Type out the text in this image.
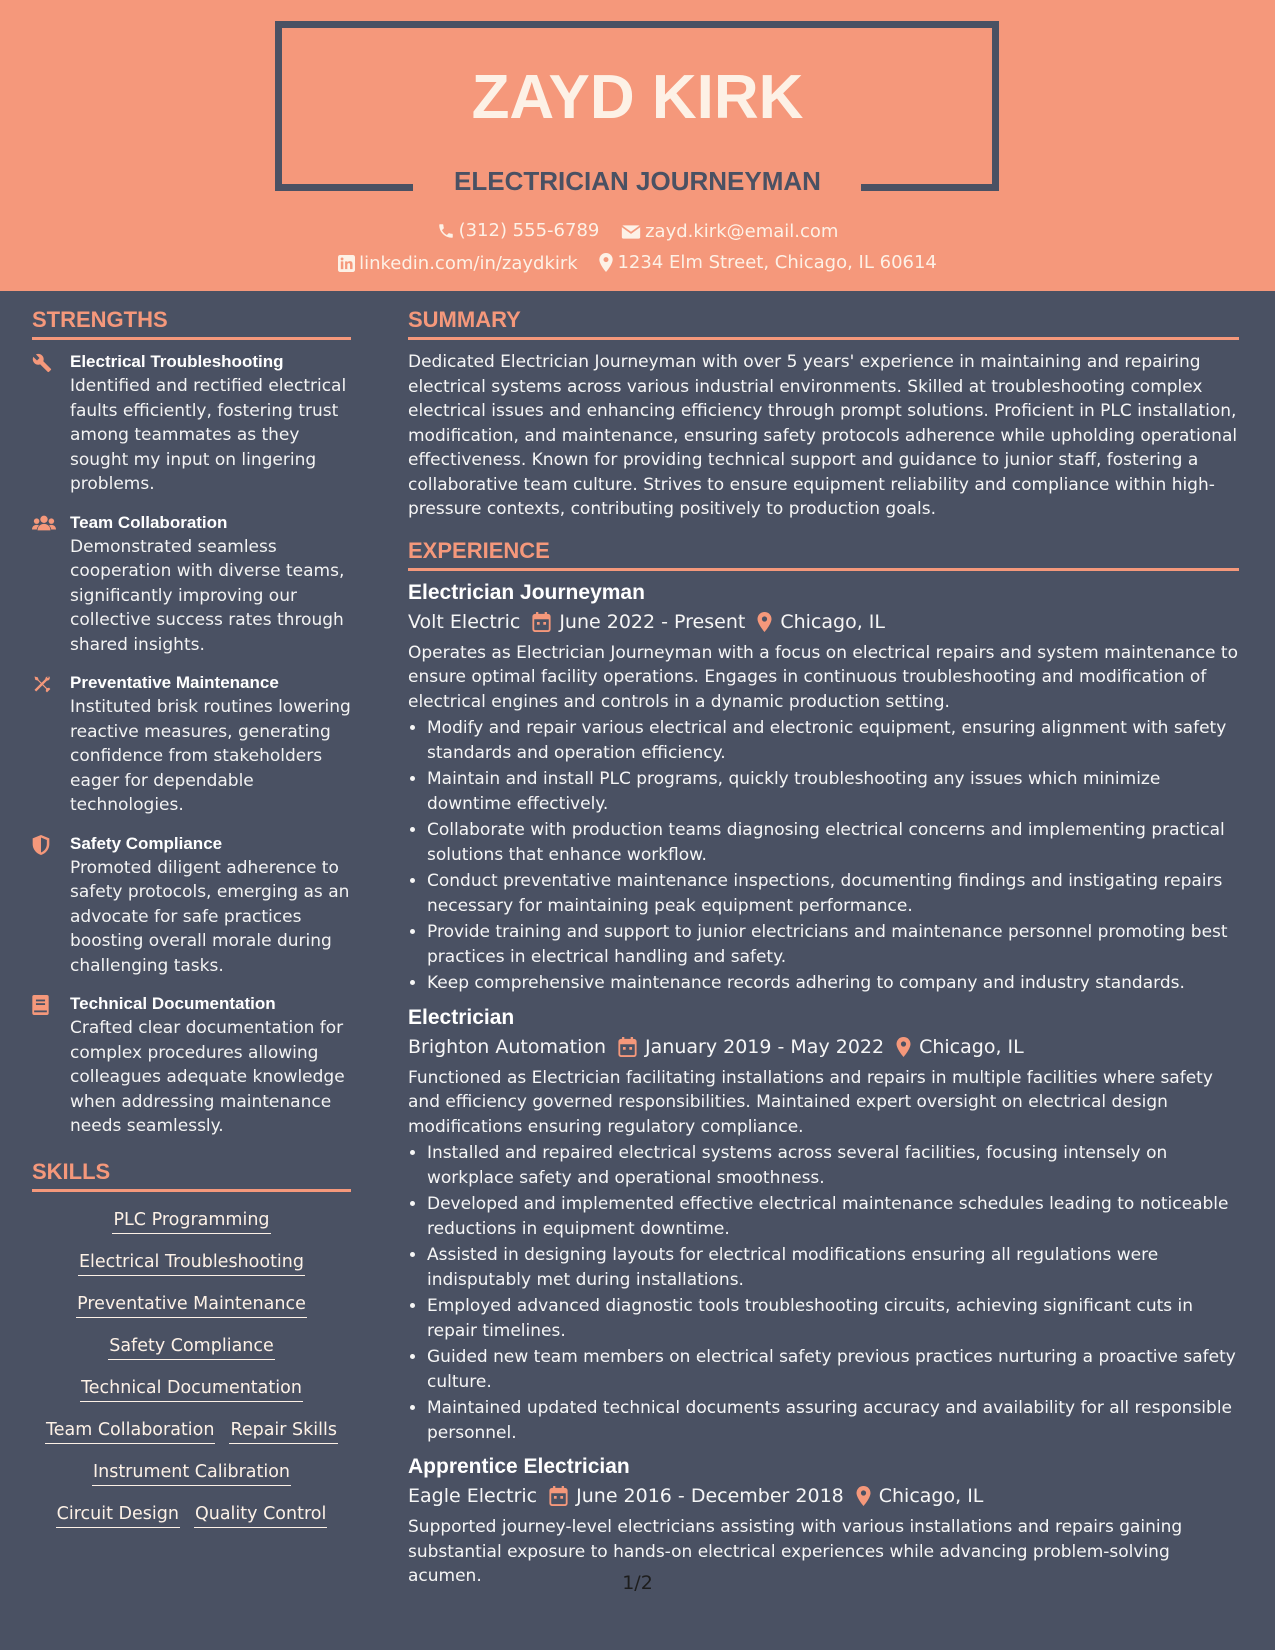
ZAYD KIRK
ELECTRICIAN JOURNEYMAN
(312) 555-6789
	zayd.kirk@email.com
linkedin.com/in/zaydkirk
1234 Elm Street, Chicago, IL 60614
STRENGTHS
Electrical Troubleshooting
Identified and rectified electrical faults efficiently, fostering trust among teammates as they sought my input on lingering problems.
Team Collaboration
Demonstrated seamless cooperation with diverse teams, significantly improving our collective success rates through shared insights.
Preventative Maintenance
Instituted brisk routines lowering reactive measures, generating confidence from stakeholders eager for dependable technologies.
Safety Compliance
Promoted diligent adherence to safety protocols, emerging as an advocate for safe practices boosting overall morale during challenging tasks.
Technical Documentation
Crafted clear documentation for complex procedures allowing colleagues adequate knowledge when addressing maintenance needs seamlessly.
SKILLS
PLC Programming
Electrical Troubleshooting
Preventative Maintenance
Safety Compliance
Technical Documentation
Team Collaboration Repair Skills
Instrument Calibration
Circuit Design Quality Control
SUMMARY
Dedicated Electrician Journeyman with over 5 years' experience in maintaining and repairing electrical systems across various industrial environments. Skilled at troubleshooting complex electrical issues and enhancing efficiency through prompt solutions. Proficient in PLC installation, modification, and maintenance, ensuring safety protocols adherence while upholding operational effectiveness. Known for providing technical support and guidance to junior staff, fostering a collaborative team culture. Strives to ensure equipment reliability and compliance within high-pressure contexts, contributing positively to production goals.
EXPERIENCE
Electrician Journeyman
Volt Electric June 2022 - Present Chicago, IL
Operates as Electrician Journeyman with a focus on electrical repairs and system maintenance to ensure optimal facility operations. Engages in continuous troubleshooting and modification of electrical engines and controls in a dynamic production setting.
• Modify and repair various electrical and electronic equipment, ensuring alignment with safety standards and operation efficiency.
• Maintain and install PLC programs, quickly troubleshooting any issues which minimize downtime effectively.
• Collaborate with production teams diagnosing electrical concerns and implementing practical solutions that enhance workflow.
• Conduct preventative maintenance inspections, documenting findings and instigating repairs necessary for maintaining peak equipment performance.
• Provide training and support to junior electricians and maintenance personnel promoting best practices in electrical handling and safety.
• Keep comprehensive maintenance records adhering to company and industry standards.
Electrician
Brighton Automation January 2019 - May 2022 Chicago, IL
Functioned as Electrician facilitating installations and repairs in multiple facilities where safety and efficiency governed responsibilities. Maintained expert oversight on electrical design modifications ensuring regulatory compliance.
• Installed and repaired electrical systems across several facilities, focusing intensely on workplace safety and operational smoothness.
• Developed and implemented effective electrical maintenance schedules leading to noticeable reductions in equipment downtime.
• Assisted in designing layouts for electrical modifications ensuring all regulations were indisputably met during installations.
• Employed advanced diagnostic tools troubleshooting circuits, achieving significant cuts in repair timelines.
• Guided new team members on electrical safety previous practices nurturing a proactive safety culture.
• Maintained updated technical documents assuring accuracy and availability for all responsible personnel.
Apprentice Electrician
Eagle Electric June 2016 - December 2018 Chicago, IL
Supported journey-level electricians assisting with various installations and repairs gaining substantial exposure to hands-on electrical experiences while advancing problem-solving acumen.	1/2
